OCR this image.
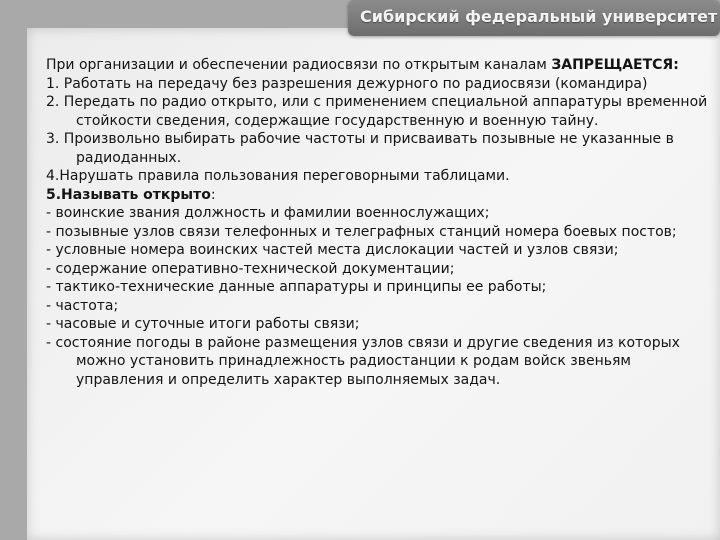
Сибирский федеральный университет

При организации и обеспечении радиосвязи по открытым каналам ЗАПРЕЩАЕТСЯ:

1. Работать на передачу без разрешения дежурного по радиосвязи (командира)

2. Передать по радио открыто, или с применением специальной аппаратуры временной стойкости сведения, содержащие государственную и военную тайну.

3. Произвольно выбирать рабочие частоты и присваивать позывные не указанные в радиоданных.

4.Нарушать правила пользования переговорными таблицами.

5.Называть открыто:

- воинские звания должность и фамилии военнослужащих;

- позывные узлов связи телефонных и телеграфных станций номера боевых постов;

- условные номера воинских частей места дислокации частей и узлов связи;

- содержание оперативно-технической документации;

- тактико-технические данные аппаратуры и принципы ее работы;

- частота;

- часовые и суточные итоги работы связи;

- состояние погоды в районе размещения узлов связи и другие сведения из которых можно установить принадлежность радиостанции к родам войск звеньям управления и определить характер выполняемых задач.
